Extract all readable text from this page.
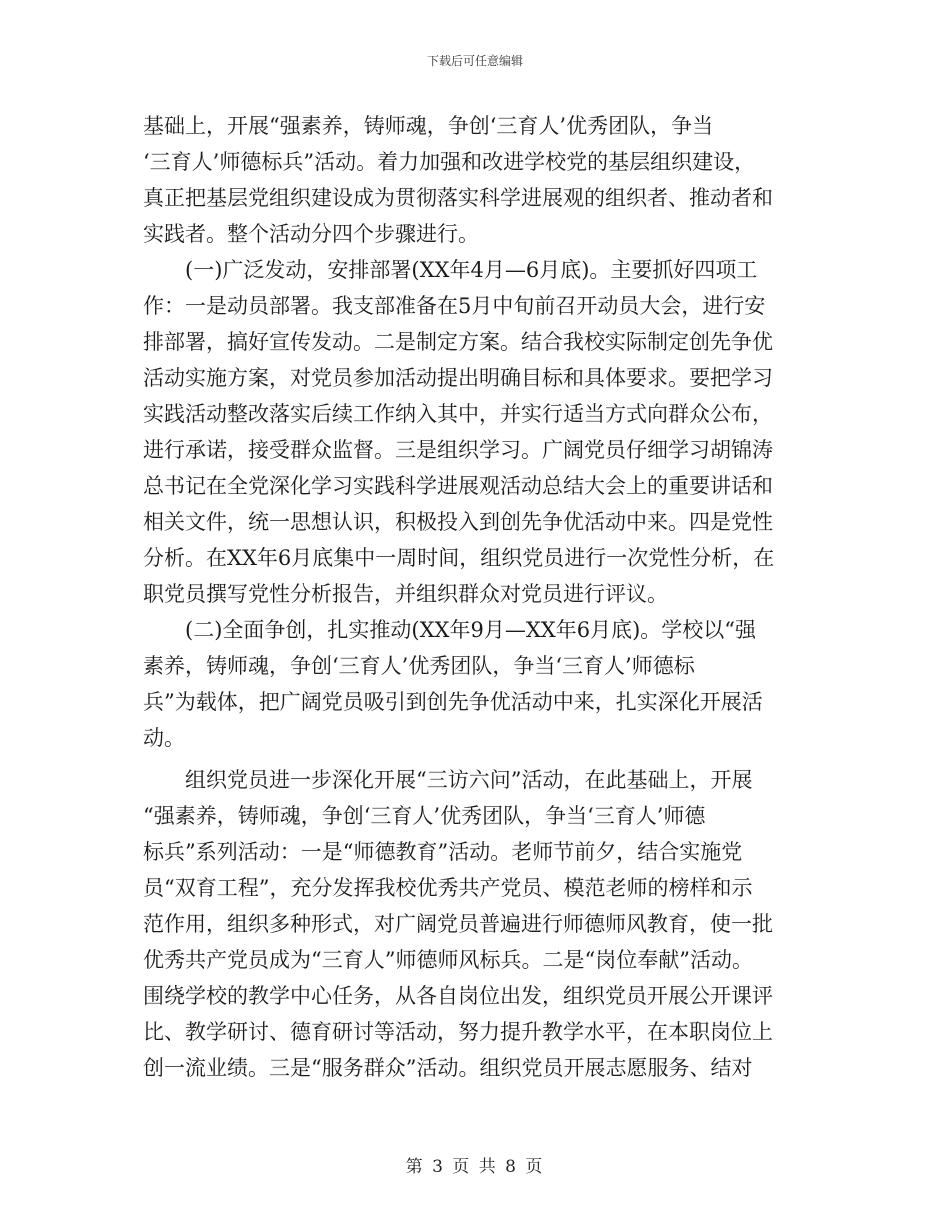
下载后可任意编辑
基础上，开展“强素养，铸师魂，争创‘三育人’优秀团队，争当
‘三育人’师德标兵”活动。着力加强和改进学校党的基层组织建设，
真正把基层党组织建设成为贯彻落实科学进展观的组织者、推动者和
实践者。整个活动分四个步骤进行。
　　(一)广泛发动，安排部署(XX年4月—6月底)。主要抓好四项工
作：一是动员部署。我支部准备在5月中旬前召开动员大会，进行安
排部署，搞好宣传发动。二是制定方案。结合我校实际制定创先争优
活动实施方案，对党员参加活动提出明确目标和具体要求。要把学习
实践活动整改落实后续工作纳入其中，并实行适当方式向群众公布，
进行承诺，接受群众监督。三是组织学习。广阔党员仔细学习胡锦涛
总书记在全党深化学习实践科学进展观活动总结大会上的重要讲话和
相关文件，统一思想认识，积极投入到创先争优活动中来。四是党性
分析。在XX年6月底集中一周时间，组织党员进行一次党性分析，在
职党员撰写党性分析报告，并组织群众对党员进行评议。
　　(二)全面争创，扎实推动(XX年9月—XX年6月底)。学校以“强
素养，铸师魂，争创‘三育人’优秀团队，争当‘三育人’师德标
兵”为载体，把广阔党员吸引到创先争优活动中来，扎实深化开展活
动。
　　组织党员进一步深化开展“三访六问”活动，在此基础上，开展
“强素养，铸师魂，争创‘三育人’优秀团队，争当‘三育人’师德
标兵”系列活动：一是“师德教育”活动。老师节前夕，结合实施党
员“双育工程”，充分发挥我校优秀共产党员、模范老师的榜样和示
范作用，组织多种形式，对广阔党员普遍进行师德师风教育，使一批
优秀共产党员成为“三育人”师德师风标兵。二是“岗位奉献”活动。
围绕学校的教学中心任务，从各自岗位出发，组织党员开展公开课评
比、教学研讨、德育研讨等活动，努力提升教学水平，在本职岗位上
创一流业绩。三是“服务群众”活动。组织党员开展志愿服务、结对
第 3 页 共 8 页
